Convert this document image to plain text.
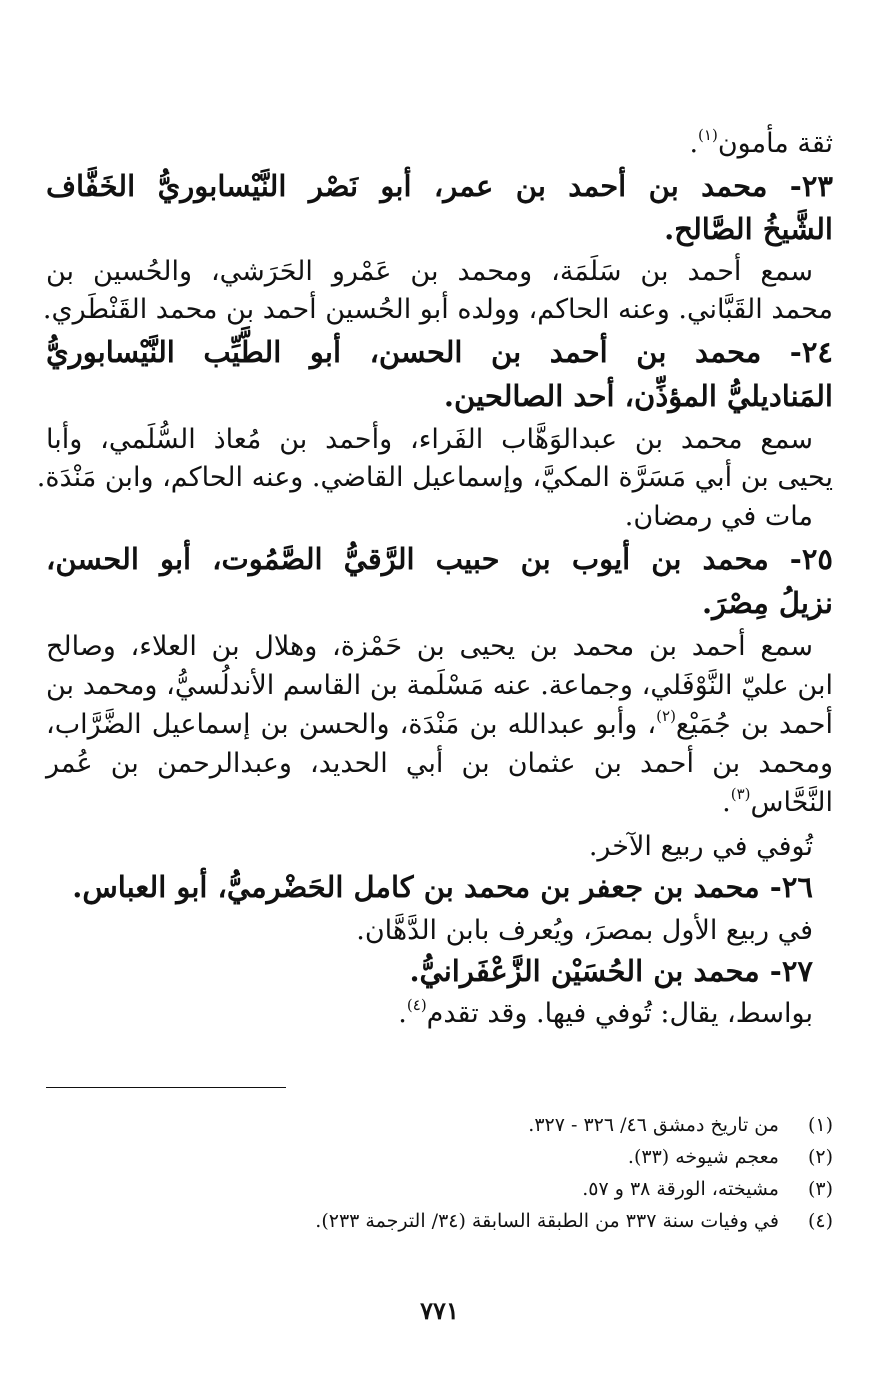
ثقة مأمون$^{(١)}$.
٢٣- محمد بن أحمد بن عمر، أبو نَصْر النَّيْسابوريُّ الخَفَّاف
الشَّيخُ الصَّالح.
سمع أحمد بن سَلَمَة، ومحمد بن عَمْرو الحَرَشي، والحُسين بن
محمد القَبَّاني. وعنه الحاكم، وولده أبو الحُسين أحمد بن محمد القَنْطَري.
٢٤- محمد بن أحمد بن الحسن، أبو الطَّيِّب النَّيْسابوريُّ
المَناديليُّ المؤذِّن، أحد الصالحين.
سمع محمد بن عبدالوَهَّاب الفَراء، وأحمد بن مُعاذ السُّلَمي، وأبا
يحيى بن أبي مَسَرَّة المكيَّ، وإسماعيل القاضي. وعنه الحاكم، وابن مَنْدَة.
مات في رمضان.
٢٥- محمد بن أيوب بن حبيب الرَّقيُّ الصَّمُوت، أبو الحسن،
نزيلُ مِصْرَ.
سمع أحمد بن محمد بن يحيى بن حَمْزة، وهلال بن العلاء، وصالح
ابن عليّ النَّوْفَلي، وجماعة. عنه مَسْلَمة بن القاسم الأندلُسيُّ، ومحمد بن
أحمد بن جُمَيْع$^{(٢)}$، وأبو عبدالله بن مَنْدَة، والحسن بن إسماعيل الضَّرَّاب،
ومحمد بن أحمد بن عثمان بن أبي الحديد، وعبدالرحمن بن عُمر
النَّحَّاس$^{(٣)}$.
تُوفي في ربيع الآخر.
٢٦- محمد بن جعفر بن محمد بن كامل الحَضْرميُّ، أبو العباس.
في ربيع الأول بمصرَ، ويُعرف بابن الدَّهَّان.
٢٧- محمد بن الحُسَيْن الزَّعْفَرانيُّ.
بواسط، يقال: تُوفي فيها. وقد تقدم$^{(٤)}$.
(١) من تاريخ دمشق ٤٦/ ٣٢٦ - ٣٢٧.
(٢) معجم شيوخه (٣٣).
(٣) مشيخته، الورقة ٣٨ و ٥٧.
(٤) في وفيات سنة ٣٣٧ من الطبقة السابقة (٣٤/ الترجمة ٢٣٣).
٧٧١
